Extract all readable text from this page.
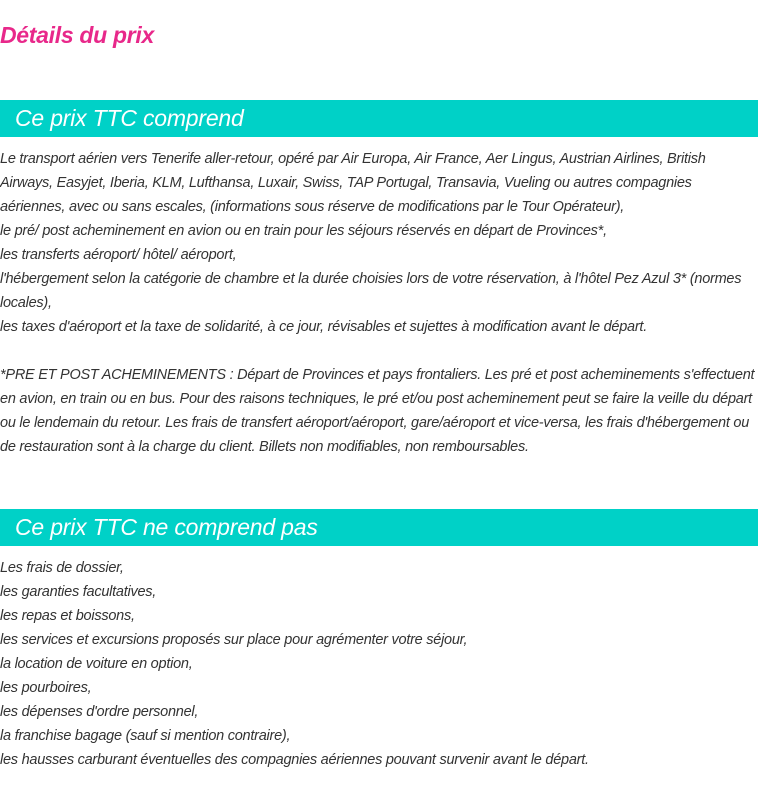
Détails du prix
Ce prix TTC comprend
Le transport aérien vers Tenerife aller-retour, opéré par Air Europa, Air France, Aer Lingus, Austrian Airlines, British Airways, Easyjet, Iberia, KLM, Lufthansa, Luxair, Swiss, TAP Portugal, Transavia, Vueling ou autres compagnies aériennes, avec ou sans escales, (informations sous réserve de modifications par le Tour Opérateur),
le pré/ post acheminement en avion ou en train pour les séjours réservés en départ de Provinces*,
les transferts aéroport/ hôtel/ aéroport,
l'hébergement selon la catégorie de chambre et la durée choisies lors de votre réservation, à l'hôtel Pez Azul 3* (normes locales),
les taxes d'aéroport et la taxe de solidarité, à ce jour, révisables et sujettes à modification avant le départ.

*PRE ET POST ACHEMINEMENTS : Départ de Provinces et pays frontaliers. Les pré et post acheminements s'effectuent en avion, en train ou en bus. Pour des raisons techniques, le pré et/ou post acheminement peut se faire la veille du départ ou le lendemain du retour. Les frais de transfert aéroport/aéroport, gare/aéroport et vice-versa, les frais d'hébergement ou de restauration sont à la charge du client. Billets non modifiables, non remboursables.

Ce prix TTC ne comprend pas
Les frais de dossier,
les garanties facultatives,
les repas et boissons,
les services et excursions proposés sur place pour agrémenter votre séjour,
la location de voiture en option,
les pourboires,
les dépenses d'ordre personnel,
la franchise bagage (sauf si mention contraire),
les hausses carburant éventuelles des compagnies aériennes pouvant survenir avant le départ.
